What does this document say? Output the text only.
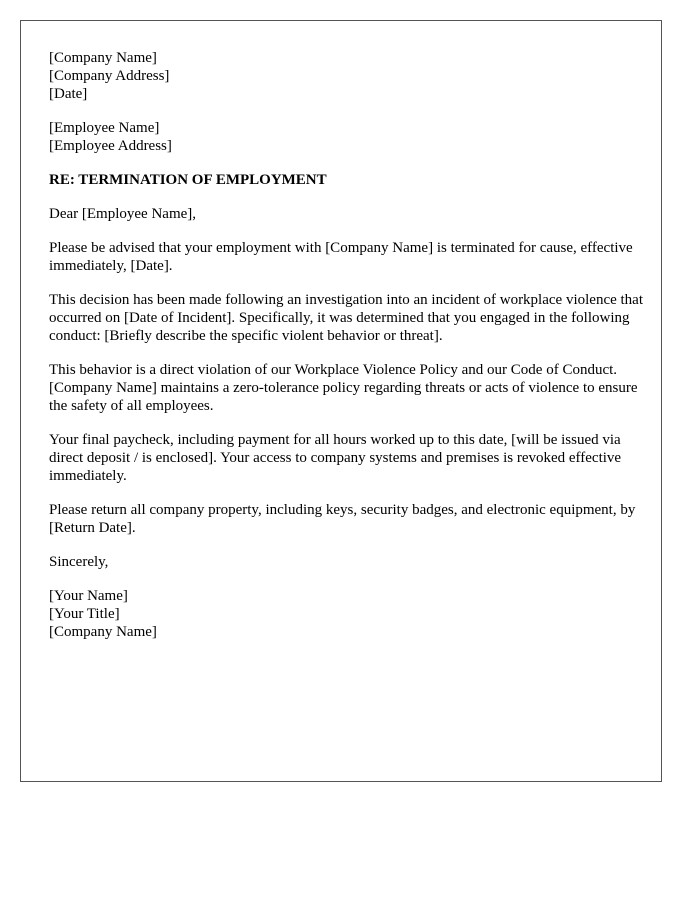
[Company Name]
[Company Address]
[Date]
[Employee Name]
[Employee Address]
RE: TERMINATION OF EMPLOYMENT
Dear [Employee Name],
Please be advised that your employment with [Company Name] is terminated for cause, effective immediately, [Date].
This decision has been made following an investigation into an incident of workplace violence that occurred on [Date of Incident]. Specifically, it was determined that you engaged in the following conduct: [Briefly describe the specific violent behavior or threat].
This behavior is a direct violation of our Workplace Violence Policy and our Code of Conduct. [Company Name] maintains a zero-tolerance policy regarding threats or acts of violence to ensure the safety of all employees.
Your final paycheck, including payment for all hours worked up to this date, [will be issued via direct deposit / is enclosed]. Your access to company systems and premises is revoked effective immediately.
Please return all company property, including keys, security badges, and electronic equipment, by [Return Date].
Sincerely,
[Your Name]
[Your Title]
[Company Name]
